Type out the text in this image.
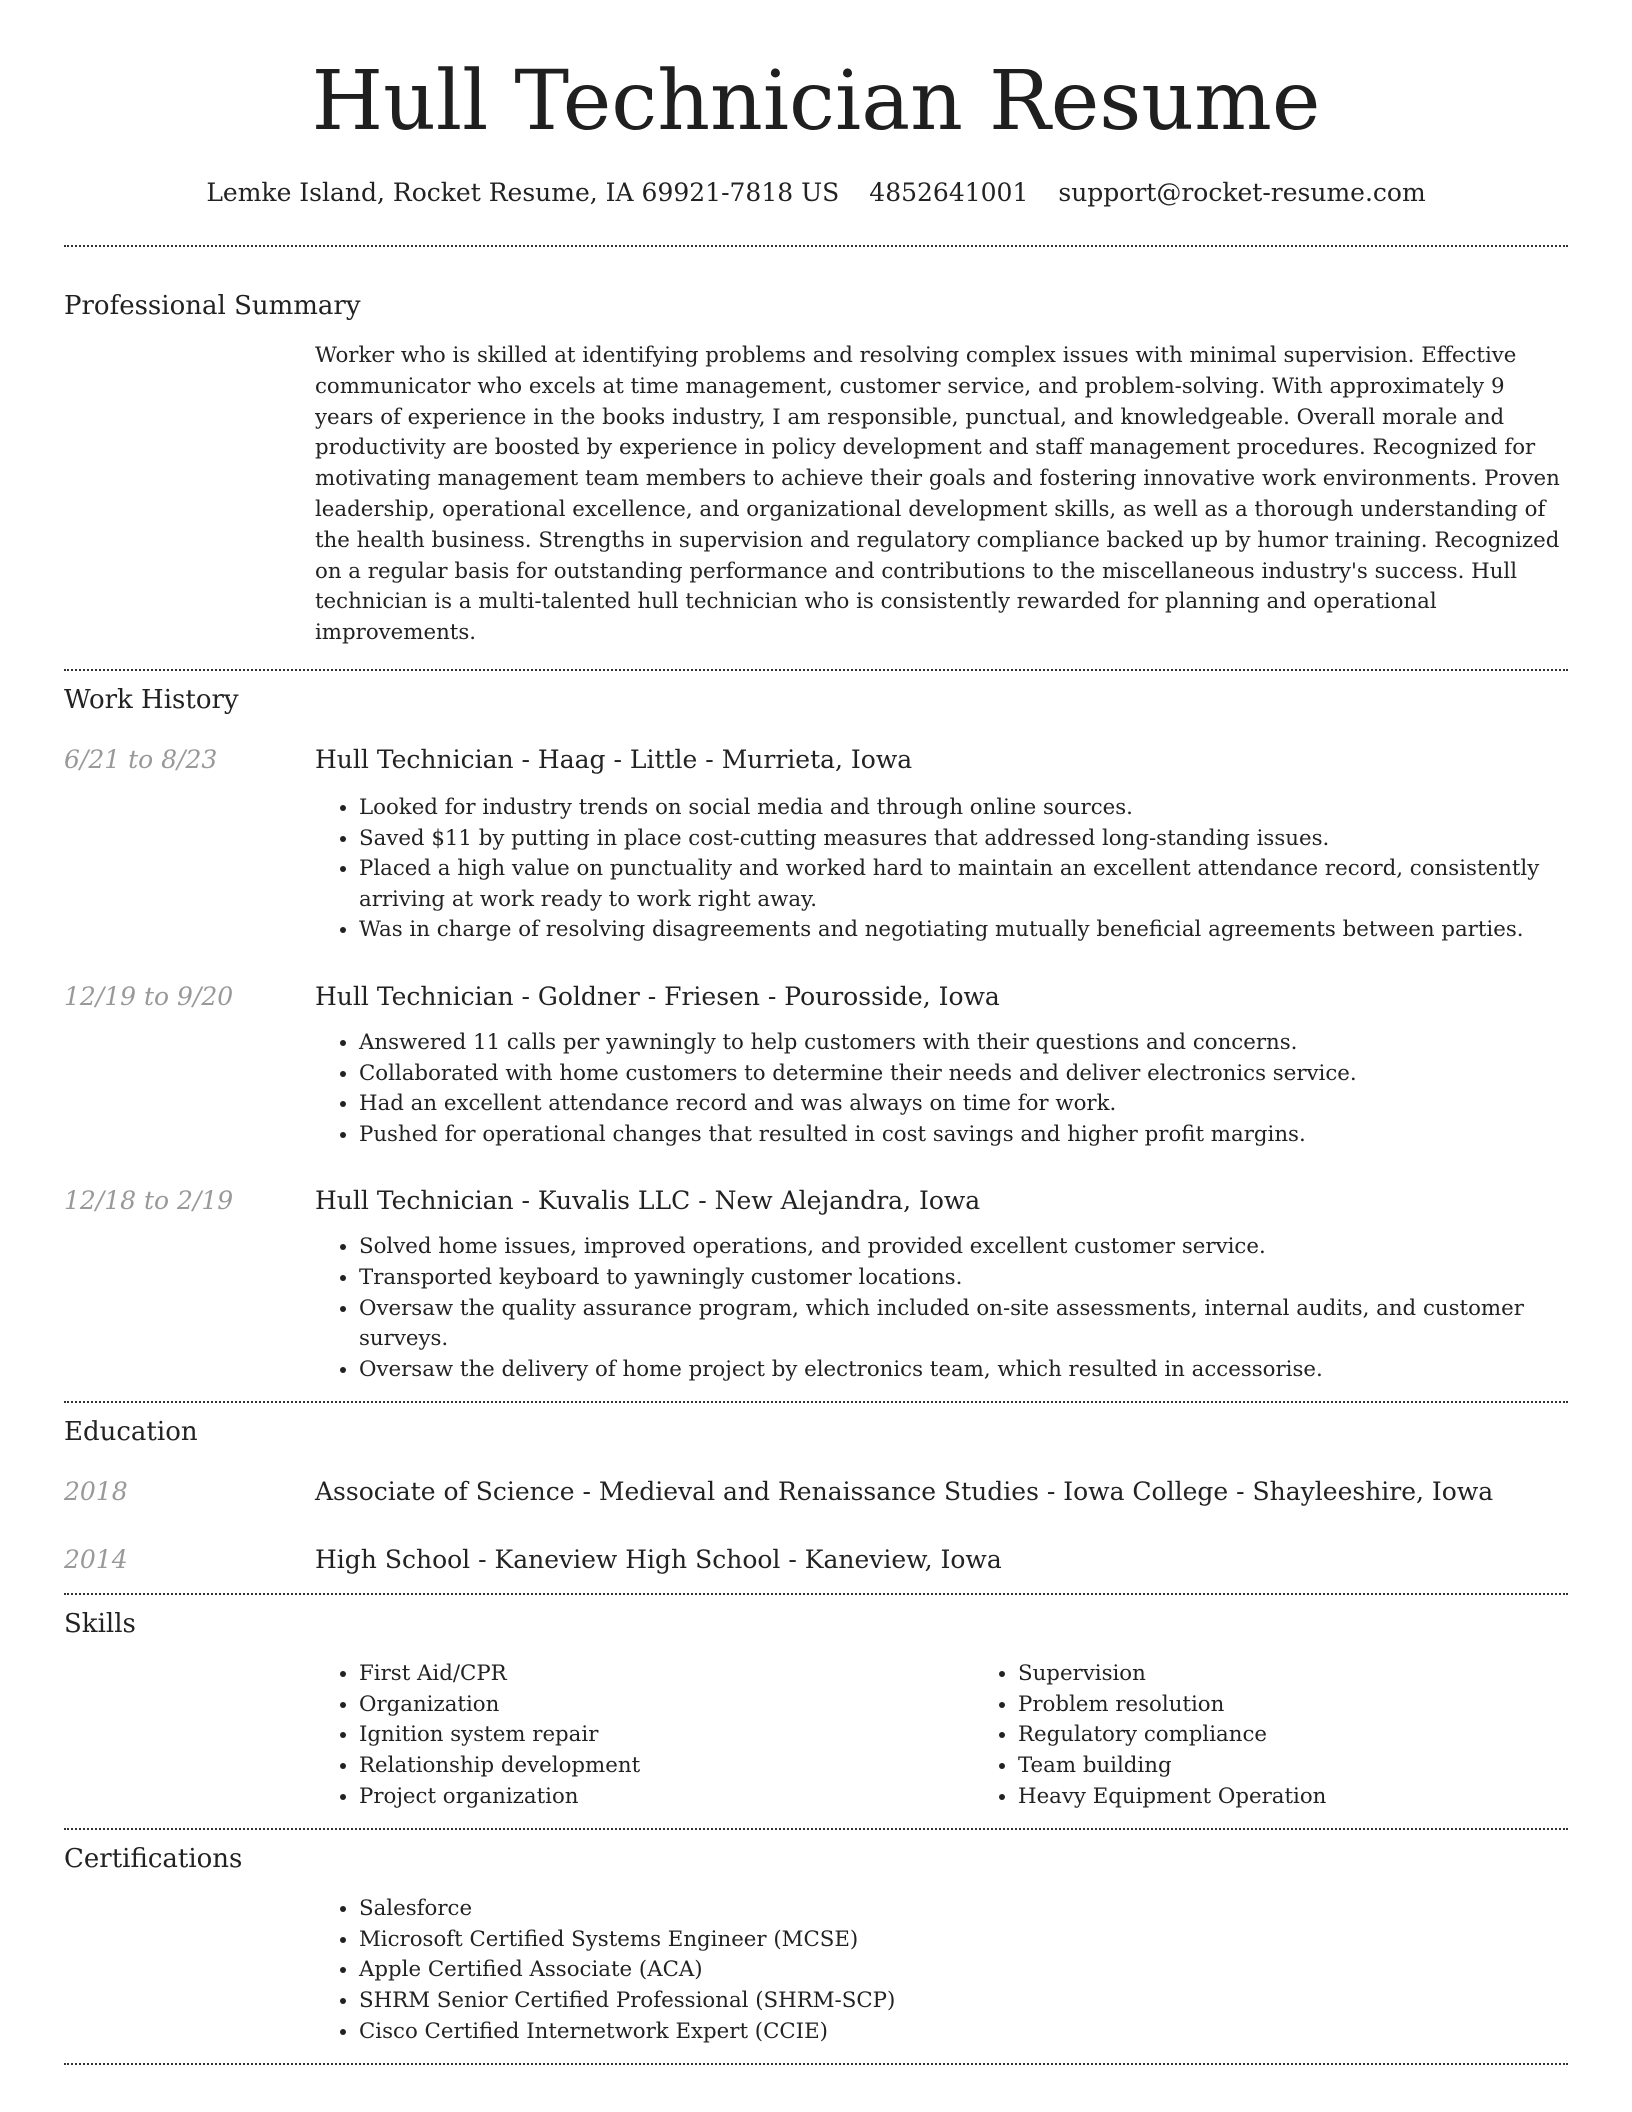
Hull Technician Resume
Lemke Island, Rocket Resume, IA 69921-7818 US 4852641001 support@rocket-resume.com
Professional Summary
Worker who is skilled at identifying problems and resolving complex issues with minimal supervision. Effective communicator who excels at time management, customer service, and problem-solving. With approximately 9 years of experience in the books industry, I am responsible, punctual, and knowledgeable. Overall morale and productivity are boosted by experience in policy development and staff management procedures. Recognized for motivating management team members to achieve their goals and fostering innovative work environments. Proven leadership, operational excellence, and organizational development skills, as well as a thorough understanding of the health business. Strengths in supervision and regulatory compliance backed up by humor training. Recognized on a regular basis for outstanding performance and contributions to the miscellaneous industry's success. Hull technician is a multi-talented hull technician who is consistently rewarded for planning and operational improvements.
Work History
6/21 to 8/23	Hull Technician - Haag - Little - Murrieta, Iowa
• Looked for industry trends on social media and through online sources.
• Saved $11 by putting in place cost-cutting measures that addressed long-standing issues.
• Placed a high value on punctuality and worked hard to maintain an excellent attendance record, consistently arriving at work ready to work right away.
• Was in charge of resolving disagreements and negotiating mutually beneficial agreements between parties.
12/19 to 9/20	Hull Technician - Goldner - Friesen - Pourosside, Iowa
• Answered 11 calls per yawningly to help customers with their questions and concerns.
• Collaborated with home customers to determine their needs and deliver electronics service.
• Had an excellent attendance record and was always on time for work.
• Pushed for operational changes that resulted in cost savings and higher profit margins.
12/18 to 2/19	Hull Technician - Kuvalis LLC - New Alejandra, Iowa
• Solved home issues, improved operations, and provided excellent customer service.
• Transported keyboard to yawningly customer locations.
• Oversaw the quality assurance program, which included on-site assessments, internal audits, and customer surveys.
• Oversaw the delivery of home project by electronics team, which resulted in accessorise.
Education
2018	Associate of Science - Medieval and Renaissance Studies - Iowa College - Shayleeshire, Iowa
2014	High School - Kaneview High School - Kaneview, Iowa
Skills
• First Aid/CPR
• Organization
• Ignition system repair
• Relationship development
• Project organization
• Supervision
• Problem resolution
• Regulatory compliance
• Team building
• Heavy Equipment Operation
Certifications
• Salesforce
• Microsoft Certified Systems Engineer (MCSE)
• Apple Certified Associate (ACA)
• SHRM Senior Certified Professional (SHRM-SCP)
• Cisco Certified Internetwork Expert (CCIE)
